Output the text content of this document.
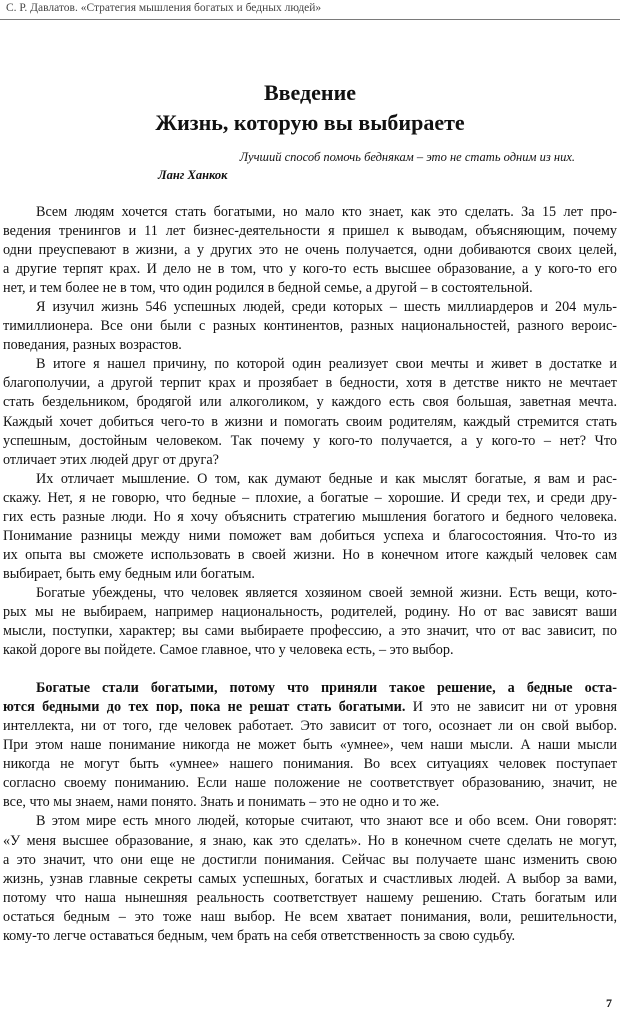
С. Р. Давлатов. «Стратегия мышления богатых и бедных людей»
Введение
Жизнь, которую вы выбираете
Лучший способ помочь беднякам – это не стать одним из них.
Ланг Ханкок
Всем людям хочется стать богатыми, но мало кто знает, как это сделать. За 15 лет про-
ведения тренингов и 11 лет бизнес-деятельности я пришел к выводам, объясняющим, почему
одни преуспевают в жизни, а у других это не очень получается, одни добиваются своих целей,
а другие терпят крах. И дело не в том, что у кого-то есть высшее образование, а у кого-то его
нет, и тем более не в том, что один родился в бедной семье, а другой – в состоятельной.
Я изучил жизнь 546 успешных людей, среди которых – шесть миллиардеров и 204 муль-
тимиллионера. Все они были с разных континентов, разных национальностей, разного вероис-
поведания, разных возрастов.
В итоге я нашел причину, по которой один реализует свои мечты и живет в достатке и
благополучии, а другой терпит крах и прозябает в бедности, хотя в детстве никто не мечтает
стать бездельником, бродягой или алкоголиком, у каждого есть своя большая, заветная мечта.
Каждый хочет добиться чего-то в жизни и помогать своим родителям, каждый стремится стать
успешным, достойным человеком. Так почему у кого-то получается, а у кого-то – нет? Что
отличает этих людей друг от друга?
Их отличает мышление. О том, как думают бедные и как мыслят богатые, я вам и рас-
скажу. Нет, я не говорю, что бедные – плохие, а богатые – хорошие. И среди тех, и среди дру-
гих есть разные люди. Но я хочу объяснить стратегию мышления богатого и бедного человека.
Понимание разницы между ними поможет вам добиться успеха и благосостояния. Что-то из
их опыта вы сможете использовать в своей жизни. Но в конечном итоге каждый человек сам
выбирает, быть ему бедным или богатым.
Богатые убеждены, что человек является хозяином своей земной жизни. Есть вещи, кото-
рых мы не выбираем, например национальность, родителей, родину. Но от вас зависят ваши
мысли, поступки, характер; вы сами выбираете профессию, а это значит, что от вас зависит, по
какой дороге вы пойдете. Самое главное, что у человека есть, – это выбор.
Богатые стали богатыми, потому что приняли такое решение, а бедные оста-
ются бедными до тех пор, пока не решат стать богатыми. И это не зависит ни от уровня
интеллекта, ни от того, где человек работает. Это зависит от того, осознает ли он свой выбор.
При этом наше понимание никогда не может быть «умнее», чем наши мысли. А наши мысли
никогда не могут быть «умнее» нашего понимания. Во всех ситуациях человек поступает
согласно своему пониманию. Если наше положение не соответствует образованию, значит, не
все, что мы знаем, нами понято. Знать и понимать – это не одно и то же.
В этом мире есть много людей, которые считают, что знают все и обо всем. Они говорят:
«У меня высшее образование, я знаю, как это сделать». Но в конечном счете сделать не могут,
а это значит, что они еще не достигли понимания. Сейчас вы получаете шанс изменить свою
жизнь, узнав главные секреты самых успешных, богатых и счастливых людей. А выбор за вами,
потому что наша нынешняя реальность соответствует нашему решению. Стать богатым или
остаться бедным – это тоже наш выбор. Не всем хватает понимания, воли, решительности,
кому-то легче оставаться бедным, чем брать на себя ответственность за свою судьбу.
7
